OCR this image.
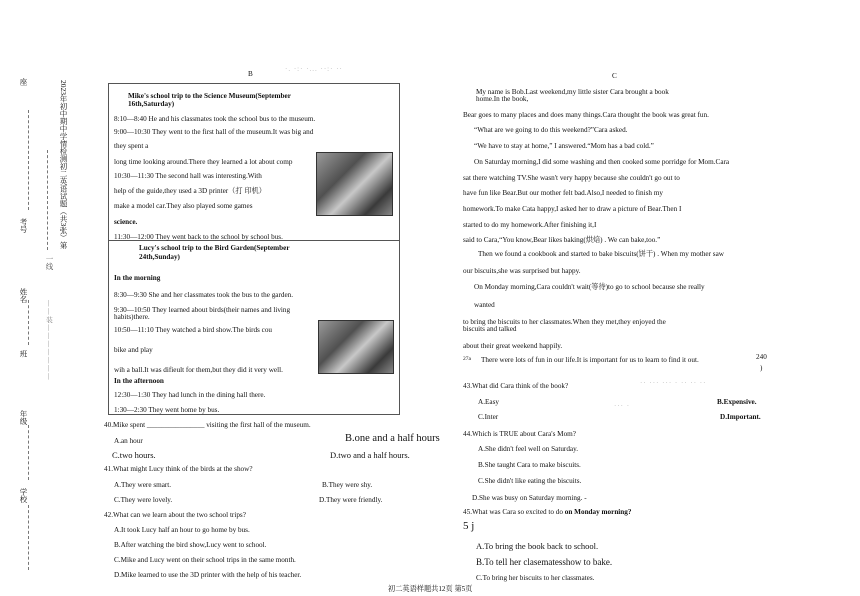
2023年初中期中学情检测初二英语试题（共3张）第
座
考号
姓名
班
年级
学校
一线
— — 装 — — — — — — —
B
·. ·:· ·... ··:· ··
Mike's school trip to the Science Museum(September
16th,Saturday)
8:10—8:40 He and his classmates took the school bus to the museum.
9:00—10:30 They went to the first hall of the museum.It was big and
they spent a
long time looking around.There they learned a lot about comp
10:30—11:30 The second hall was interesting.With
help of the guide,they used a 3D printer（打 印机）
make a model car.They also played some games
science.
11:30—12:00 They went back to the school by school bus.
Lucy's school trip to the Bird Garden(September
24th,Sunday)
In the morning
8:30—9:30 She and her classmates took the bus to the garden.
9:30—10:50 They learned about birds(their names and living
habits)there.
10:50—11:10 They watched a bird show.The birds cou
bike and play
wih a ball.It was difieult for them,but they did it very well.
In the afternoon
12:30—1:30 They had lunch in the dining hall there.
1:30—2:30 They went home by bus.
40.Mike spent ________________ visiting the first hall of the museum.
A.an hour	B.one and a half hours
C.two hours.	D.two and a half hours.
41.What might Lucy think of the birds at the show?
A.They were smart.	B.They were shy.
C.They were lovely.	D.They were friendly.
42.What can we learn about the two school trips?
A.It took Lucy half an hour to go home by bus.
B.After watching the bird show,Lucy went to school.
C.Mike and Lucy went on their school trips in the same month.
D.Mike learned to use the 3D printer with the help of his teacher.
C
My name is Bob.Last weekend,my little sister Cara brought a book
home.In the book,
Bear goes to many places and does many things.Cara thought the book was great fun.
“What are we going to do this weekend?”Cara asked.
“We have to stay at home,” I answered.“Mom has a bad cold.”
On Saturday morning,I did some washing and then cooked some porridge for Mom.Cara
sat there watching TV.She wasn't very happy because she couldn't go out to
have fun like Bear.But our mother felt bad.Also,I needed to finish my
homework.To make Cata happy,I asked her to draw a picture of Bear.Then I
started to do my homework.After finishing it,I
said to Cara,“You know,Bear likes baking(烘焙) . We can bake,too.”
Then we found a cookbook and started to bake biscuits(饼干) . When my mother saw
our biscuits,she was surprised but happy.
On Monday morning,Cara couldn't wait(等待)to go to school because she really
wanted
to bring the biscuits to her classmates.When they met,they enjoyed the
biscuits and talked
about their great weekend happily.
27a There were lots of fun in our life.It is important for us to learn to find it out.	240
)
43.What did Cara think of the book?	·· ··· ··· · ·· ·· ··
A.Easy	··· ·	B.Expensive.
C.Inter	D.Important.
44.Which is TRUE about Cara's Mom?
A.She didn't feel well on Saturday.
B.She taught Cara to make biscuits.
C.She didn't like eating the biscuits.
D.She was busy on Saturday morning. -
45.What was Cara so excited to do on Monday morning?
5 j
A.To bring the book back to school.
B.To tell her clasematesshow to bake.
C.To bring her biscuits to her classmates.
初二英语样题共12页 第5页
